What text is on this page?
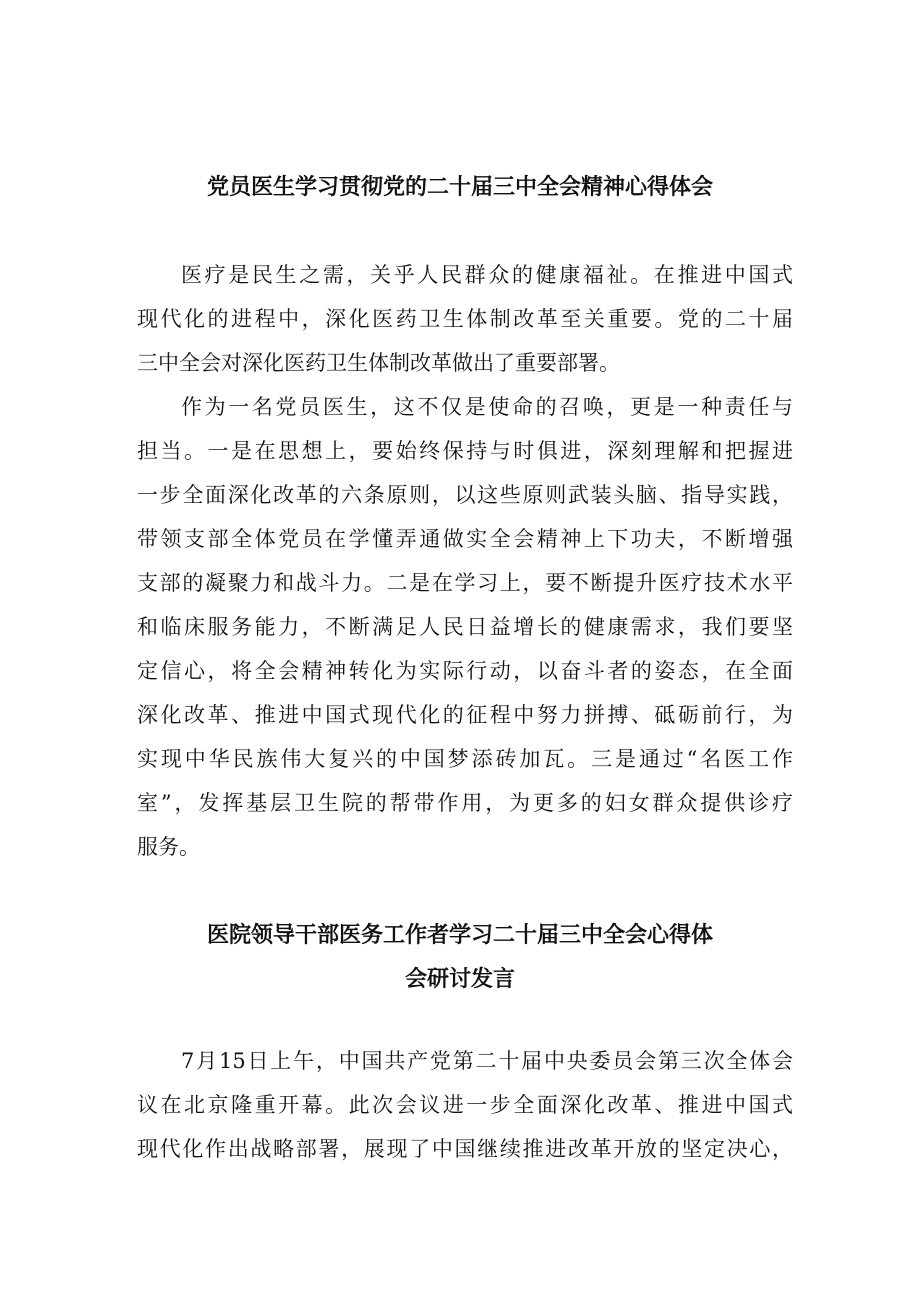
党员医生学习贯彻党的二十届三中全会精神心得体会

医疗是民生之需，关乎人民群众的健康福祉。在推进中国式
现代化的进程中，深化医药卫生体制改革至关重要。党的二十届
三中全会对深化医药卫生体制改革做出了重要部署。

作为一名党员医生，这不仅是使命的召唤，更是一种责任与
担当。一是在思想上，要始终保持与时俱进，深刻理解和把握进
一步全面深化改革的六条原则，以这些原则武装头脑、指导实践，
带领支部全体党员在学懂弄通做实全会精神上下功夫，不断增强
支部的凝聚力和战斗力。二是在学习上，要不断提升医疗技术水平
和临床服务能力，不断满足人民日益增长的健康需求，我们要坚
定信心，将全会精神转化为实际行动，以奋斗者的姿态，在全面
深化改革、推进中国式现代化的征程中努力拼搏、砥砺前行，为
实现中华民族伟大复兴的中国梦添砖加瓦。三是通过“名医工作
室”，发挥基层卫生院的帮带作用，为更多的妇女群众提供诊疗
服务。

医院领导干部医务工作者学习二十届三中全会心得体
会研讨发言

7月15日上午，中国共产党第二十届中央委员会第三次全体会
议在北京隆重开幕。此次会议进一步全面深化改革、推进中国式
现代化作出战略部署，展现了中国继续推进改革开放的坚定决心，
